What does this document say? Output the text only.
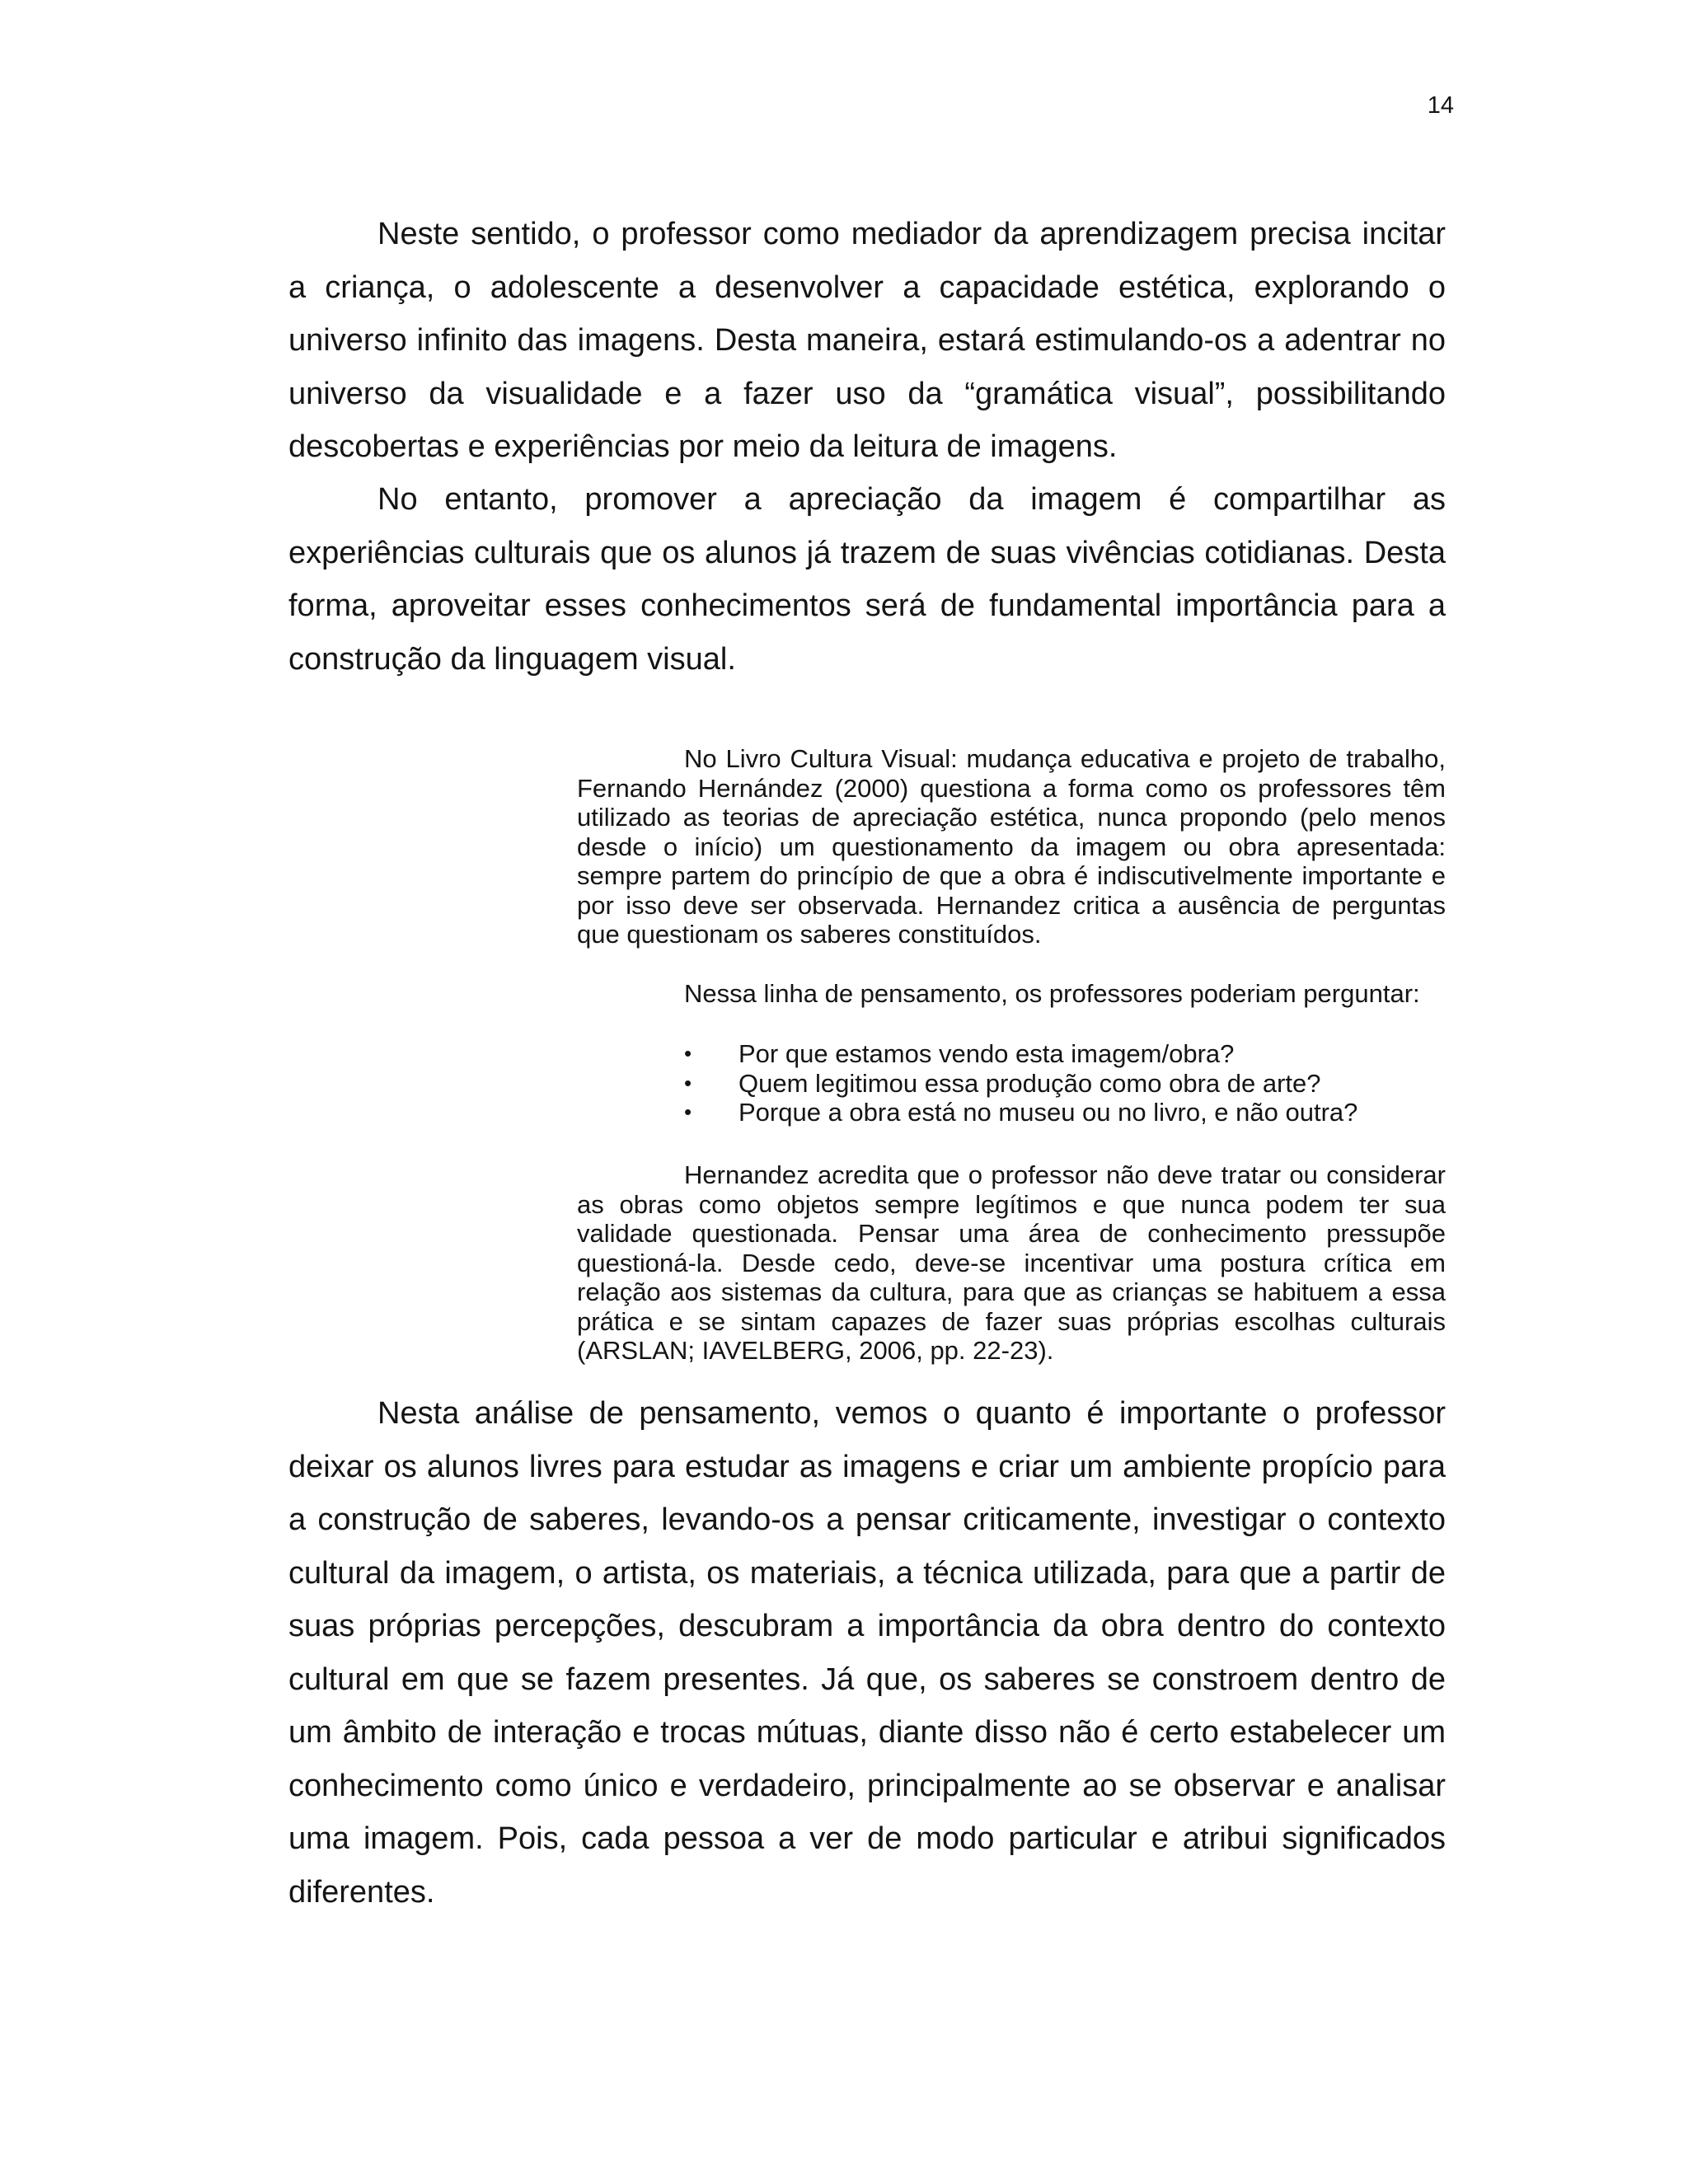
14

Neste sentido, o professor como mediador da aprendizagem precisa incitar a criança, o adolescente a desenvolver a capacidade estética, explorando o universo infinito das imagens. Desta maneira, estará estimulando-os a adentrar no universo da visualidade e a fazer uso da “gramática visual”, possibilitando descobertas e experiências por meio da leitura de imagens.

No entanto, promover a apreciação da imagem é compartilhar as experiências culturais que os alunos já trazem de suas vivências cotidianas. Desta forma, aproveitar esses conhecimentos será de fundamental importância para a construção da linguagem visual.

No Livro Cultura Visual: mudança educativa e projeto de trabalho, Fernando Hernández (2000) questiona a forma como os professores têm utilizado as teorias de apreciação estética, nunca propondo (pelo menos desde o início) um questionamento da imagem ou obra apresentada: sempre partem do princípio de que a obra é indiscutivelmente importante e por isso deve ser observada. Hernandez critica a ausência de perguntas que questionam os saberes constituídos.

Nessa linha de pensamento, os professores poderiam perguntar:

•	Por que estamos vendo esta imagem/obra?
•	Quem legitimou essa produção como obra de arte?
•	Porque a obra está no museu ou no livro, e não outra?

Hernandez acredita que o professor não deve tratar ou considerar as obras como objetos sempre legítimos e que nunca podem ter sua validade questionada. Pensar uma área de conhecimento pressupõe questioná-la. Desde cedo, deve-se incentivar uma postura crítica em relação aos sistemas da cultura, para que as crianças se habituem a essa prática e se sintam capazes de fazer suas próprias escolhas culturais (ARSLAN; IAVELBERG, 2006, pp. 22-23).

Nesta análise de pensamento, vemos o quanto é importante o professor deixar os alunos livres para estudar as imagens e criar um ambiente propício para a construção de saberes, levando-os a pensar criticamente, investigar o contexto cultural da imagem, o artista, os materiais, a técnica utilizada, para que a partir de suas próprias percepções, descubram a importância da obra dentro do contexto cultural em que se fazem presentes. Já que, os saberes se constroem dentro de um âmbito de interação e trocas mútuas, diante disso não é certo estabelecer um conhecimento como único e verdadeiro, principalmente ao se observar e analisar uma imagem. Pois, cada pessoa a ver de modo particular e atribui significados diferentes.
